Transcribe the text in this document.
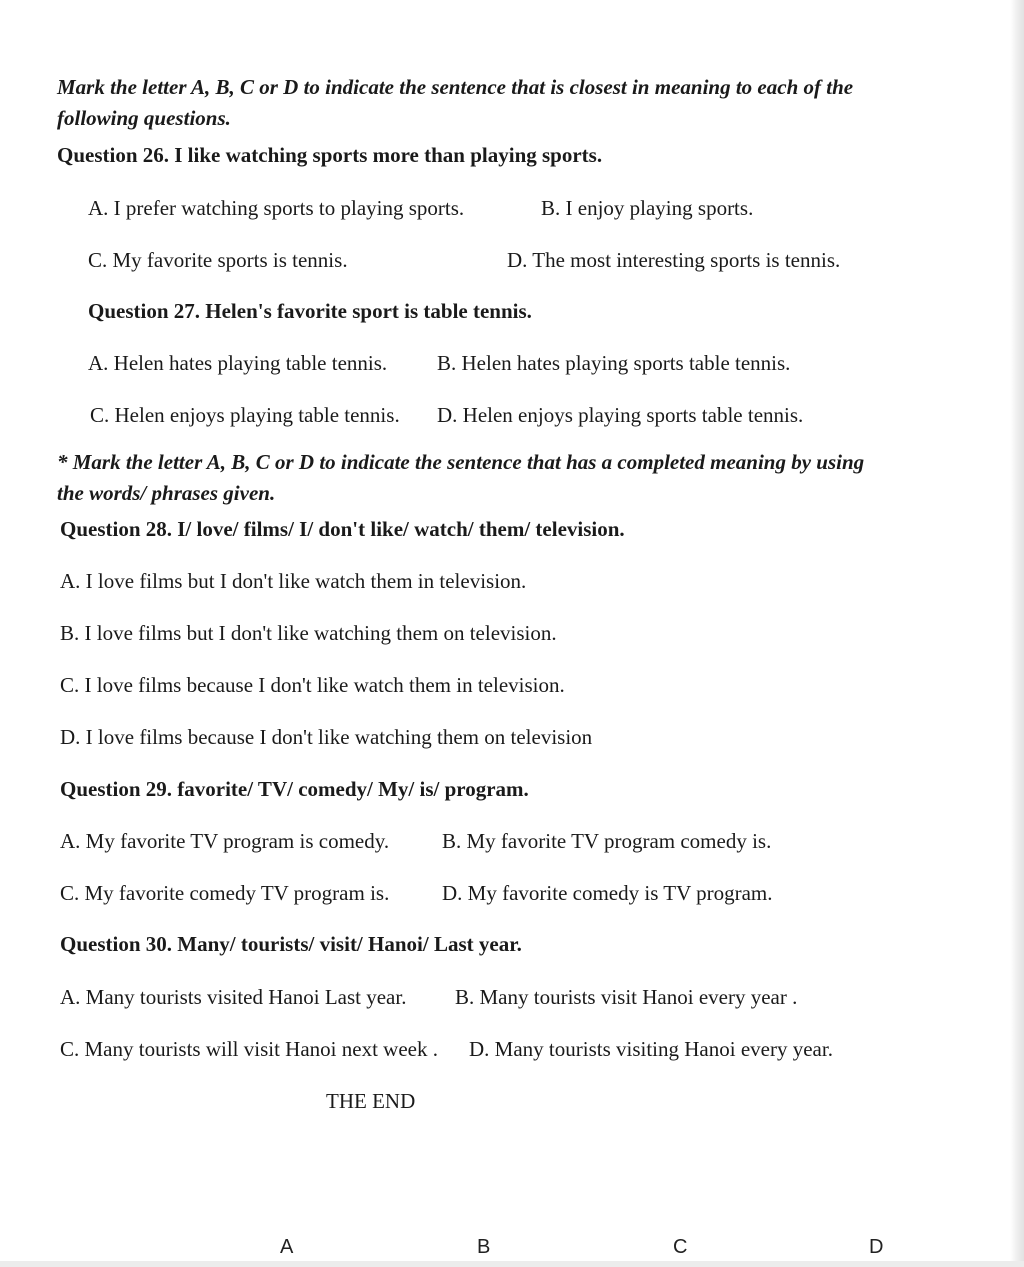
Mark the letter A, B, C or D to indicate the sentence that is closest in meaning to each of the following questions.
Question 26. I like watching sports more than playing sports.
A. I prefer watching sports to playing sports.	B. I enjoy playing sports.
C. My favorite sports is tennis.	D. The most interesting sports is tennis.
Question 27. Helen's favorite sport is table tennis.
A. Helen hates playing table tennis. B. Helen hates playing sports table tennis.
C. Helen enjoys playing table tennis. D. Helen enjoys playing sports table tennis.
* Mark the letter A, B, C or D to indicate the sentence that has a completed meaning by using the words/ phrases given.
Question 28. I/ love/ films/ I/ don't like/ watch/ them/ television.
A. I love films but I don't like watch them in television.
B. I love films but I don't like watching them on television.
C. I love films because I don't like watch them in television.
D. I love films because I don't like watching them on television
Question 29. favorite/ TV/ comedy/ My/ is/ program.
A. My favorite TV program is comedy.	B. My favorite TV program comedy is.
C. My favorite comedy TV program is.	D. My favorite comedy is TV program.
Question 30. Many/ tourists/ visit/ Hanoi/ Last year.
A. Many tourists visited Hanoi Last year. B. Many tourists visit Hanoi every year .
C. Many tourists will visit Hanoi next week . D. Many tourists visiting Hanoi every year.
THE END
A	B	C	D
